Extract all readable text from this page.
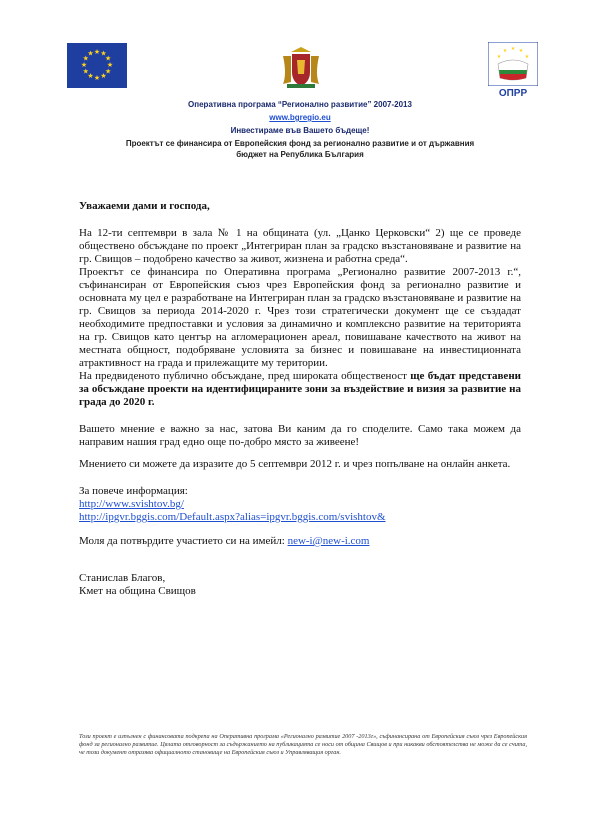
★ ★
★
★
★
★
★
★
★
★
★
★
★ ★
★
★
★
ОПРР
Оперативна програма “Регионално развитие” 2007-2013
www.bgregio.eu
Инвестираме във Вашето бъдеще!
Проектът се финансира от Европейския фонд за регионално развитие и от държавния
бюджет на Република България
Уважаеми дами и господа,

На 12-ти септември в зала № 1 на общината (ул. „Цанко Церковски“ 2) ще се проведе обществено обсъждане по проект „Интегриран план за градско възстановяване и развитие на гр. Свищов – подобрено качество за живот, жизнена и работна среда“.

Проектът се финансира по Оперативна програма „Регионално развитие 2007-2013 г.“, съфинансиран от Европейския съюз чрез Европейския фонд за регионално развитие и основната му цел е разработване на Интегриран план за градско възстановяване и развитие на гр. Свищов за периода 2014-2020 г. Чрез този стратегически документ ще се създадат необходимите предпоставки и условия за динамично и комплексно развитие на територията на гр. Свищов като център на агломерационен ареал, повишаване качеството на живот на местната общност, подобряване условията за бизнес и повишаване на инвестиционната атрактивност на града и прилежащите му територии.

На предвиденото публично обсъждане, пред широката общественост ще бъдат представени за обсъждане проекти на идентифицираните зони за въздействие и визия за развитие на града до 2020 г.

Вашето мнение е важно за нас, затова Ви каним да го споделите. Само така можем да направим нашия град едно още по-добро място за живеене!
Мнението си можете да изразите до 5 септември 2012 г. и чрез попълване на онлайн анкета.
За повече информация:
http://www.svishtov.bg/
http://ipgvr.bggis.com/Default.aspx?alias=ipgvr.bggis.com/svishtov&
Моля да потвърдите участието си на имейл: new-i@new-i.com
Станислав Благов,
Кмет на община Свищов
Този проект е изпълнен с финансовата подкрепа на Оперативна програма «Регионално развитие 2007 -2013г», съфинансирана от Европейския съюз чрез Европейския фонд за регионално развитие. Цялата отговорност за съдържанието на публикацията се носи от община Свищов и при никакви обстоятелства не може да се счита, че този документ отразява официалното становище на Европейския съюз и Управляващия орган.
